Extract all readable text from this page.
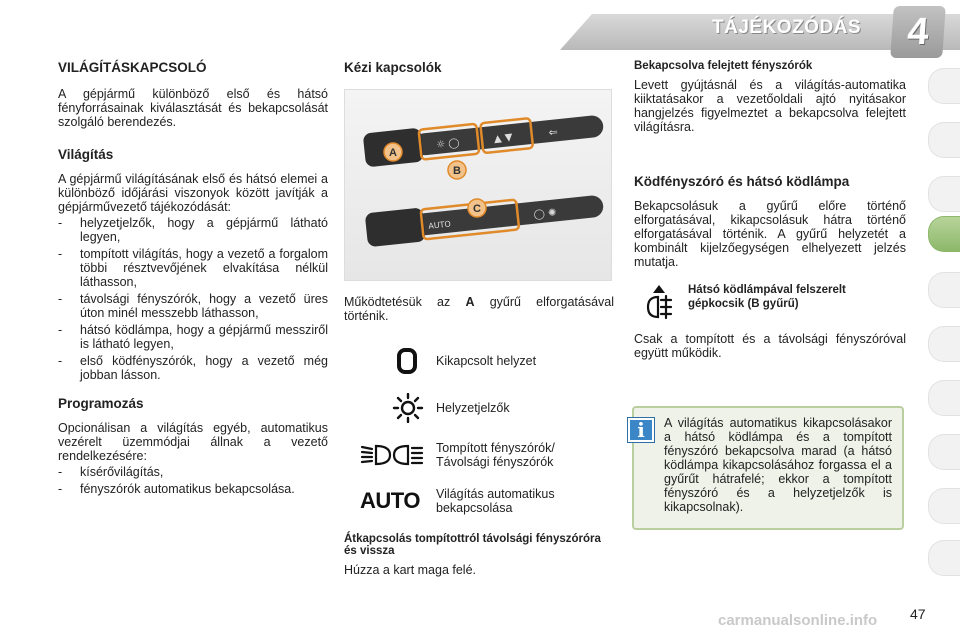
TÁJÉKOZÓDÁS	4
VILÁGÍTÁSKAPCSOLÓ

A gépjármű különböző első és hátsó fényforrásainak kiválasztását és bekapcsolását szolgáló berendezés.

Világítás

A gépjármű világításának első és hátsó elemei a különböző időjárási viszonyok között javítják a gépjárművezető tájékozódását:

- helyzetjelzők, hogy a gépjármű látható legyen,
- tompított világítás, hogy a vezető a forgalom többi résztvevőjének elvakítása nélkül láthasson,
- távolsági fényszórók, hogy a vezető üres úton minél messzebb láthasson,
- hátsó ködlámpa, hogy a gépjármű messziről is látható legyen,
- első ködfényszórók, hogy a vezető még jobban lásson.
Programozás

Opcionálisan a világítás egyéb, automatikus vezérelt üzemmódjai állnak a vezető rendelkezésére:

- kísérővilágítás,
- fényszórók automatikus bekapcsolása.
Kézi kapcsolók
☼ ◯	▲ ▼	⇐
AUTO
◯ ✺
A
B
C

Működtetésük az A gyűrű elforgatásával történik.

Kikapcsolt helyzet
Helyzetjelzők
Tompított fényszórók/
Távolsági fényszórók
AUTO Világítás automatikus bekapcsolása
Átkapcsolás tompítottról távolsági fényszóróra és vissza

Húzza a kart maga felé.

Bekapcsolva felejtett fényszórók

Levett gyújtásnál és a világítás-automatika kiiktatásakor a vezetőoldali ajtó nyitásakor hangjelzés figyelmeztet a bekapcsolva felejtett világításra.

Ködfényszóró és hátsó ködlámpa

Bekapcsolásuk a gyűrű előre történő elforgatásával, kikapcsolásuk hátra történő elforgatásával történik. A gyűrű helyzetét a kombinált kijelzőegységen elhelyezett jelzés mutatja.

Hátsó ködlámpával felszerelt gépkocsik (B gyűrű)

Csak a tompított és a távolsági fényszóróval együtt működik.

i	A világítás automatikus kikapcsolásakor a hátsó ködlámpa és a tompított fényszóró bekapcsolva marad (a hátsó ködlámpa kikapcsolásához forgassa el a gyűrűt hátrafelé; ekkor a tompított fényszóró és a helyzetjelzők is kikapcsolnak).

47
carmanualsonline.info
